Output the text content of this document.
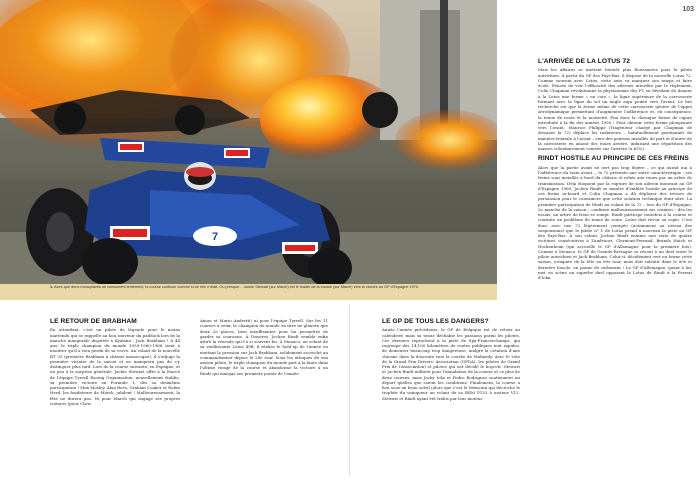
7
1. Alors que deux monoplaces se consument lentement, la course continue comme si de rien n'était. Ou presque... Jackie Stewart (sur March) est le leader de la course (sur March) vers la victoire au GP d'Espagne 1970.
103
L'ARRIVÉE DE LA LOTUS 72

Mais les affaires se mettent bientôt plus florissantes pour le pilote autrichien. À partir du GP des Pays-Bas, il dispose de la nouvelle Lotus 72. Comme souvent avec Lotus, cette auto va marquer son temps et faire école. Pensée de voir l'efficacité des ailerons interdite par le règlement, Colin Chapman révolutionne la physionomie des F1 en décidant de donner à la Lotus une forme « en coin », la ligne supérieure de la carrosserie formant avec la ligne du sol un angle aigu pointé vers l'avant. Le but recherché est que la forme même de cette carrosserie génère de l'appui aérodynamique permettant d'augmenter l'adhérence et, en conséquence, la tenue de route et la motricité. Fini donc la classique forme de cigare introduite à la fin des années 1950 ! Pour obtenir cette forme plongeante vers l'avant, Maurice Philippe (l'ingénieur chargé par Chapman de dessiner la 72) déplace les radiateurs – habituellement positionnés de manière frontale à l'avant – vers des pontons installés de part et d'autre de la carrosserie en amont des roues arrière, induisant une répartition des masses volontairement centrée sur l'arrière (à 65%).

RINDT HOSTILE AU PRINCIPE DE CES FREINS

Alors que la partie avant ne sert pas trop légère – ce qui aurait nui à l'adhérence du train avant –, la 72 présente une autre caractéristique : ses freins sont installés à bord du châssis et reliés aux roues par un arbre de transmission. Déjà éloquent par la rupture de son aileron mouvant au GP d'Espagne 1969, Jochen Rindt se montre d'emblée hostile au principe de ces freins in-board et Colin Chapman a dû déployer des trésors de persuasion pour le convaincre que cette solution technique était sûre. La première participation de Rindt au volant de la 72 – lors du GP d'Espagne, 2e manche de la saison – confirme malheureusement ses craintes : dès les essais, un arbre de frein se rompt. Rindt participe toutefois à la course et constate un problème de tenue de route. Lotus doit revoir sa copie. C'est donc avec une 72 légèrement corrigée (notamment au niveau des suspensions) que le pilote n° 1 de Lotus prend à nouveau la piste au GP des Pays-Bas. À son volant, Jochen Rindt entame une série de quatre victoires consécutives à Zandvoort, Clermont-Ferrand, Brands Hatch et Hockenheim (qui accueille le GP d'Allemagne pour la première fois). Comme à Monaco, le GP de Grande-Bretagne se résout à un duel entre le pilote autrichien et Jack Brabham. Celui-ci, décidément vert en forme cette saison, s'empare de la tête au 69e tour, mais doit ralentir dans le 80e et dernière boucle, en panne de carburant ! Le GP d'Allemagne, quant à lui, met en scène un superbe duel opposant la Lotus de Rindt à la Ferrari d'Ickx.

LE RETOUR DE BRABHAM

En attendant, c'est un pilote de légende pour le moins inattendu qui se rappelle au bon souvenir du paddock lors de la manche inaugurale disputée à Kyalami : Jack Brabham ! À 44 ans, le triple champion du monde 1959-1960-1966 tient à montrer qu'il a rien perdu de sa verve. Au volant de la nouvelle BT 33 (première Brabham à châssis monocoque), il s'adjuge la première victoire de la saison et ne manquera pas de s'y distinguer plus tard. Lors de la course suivante, en Espagne, et un peu à la surprise générale, Jackie Stewart offre à la March de l'équipe Tyrrell Racing Organisation, nouvellement établie, sa première victoire en Formule 1, dès sa deuxième participation ! Max Mosley, Alan Rees, Graham Coaker et Robin Herd, les fondateurs de March, jubilent ! Malheureusement, la fête ne durera pas. Ni pour March qui engage ses propres voitures (pour Chris

Amon et Mario Andretti) ni pour l'équipe Tyrrell. Sur les 11 courses à venir, le champion du monde en titre ne glanera que deux 2e places, bien insuffisantes pour lui permettre de garder sa couronne. À l'inverse, Jochen Rindt semble enfin attiré la réussite qui l'a si souvent fui. À Monaco, au volant de sa vieillissante Lotus 49B, il réalise le hold-up de l'année en mettant la pression sur Jack Brabham, solidement accroché au commandement depuis le 28e tour. Sous les attaques de son ancien pilote, le triple champion du monde part à la faute dans l'ultime virage de la course et abandonne la victoire à un Rindt qui marque ses premiers points de l'année.

LE GP DE TOUS LES DANGERS?

Année l'année précédente, le GP de Belgique est de retour au calendrier, mais sa tenue déchaîne les passions parmi les pilotes. Ces derniers reprochent à la piste de Spa-Francorchamps, qui regroupe des 14,100 kilomètres de routes publiques tout rapides, de demeurer beaucoup trop dangereuse, malgré la création d'une chicane dans la descente vers la courbe de Malmedy. Avec le vote de la Grand Prix Drivers' Association (GPDA), les pilotes de Grand Prix de l'Association) et pilotes qui ont décidé le boycott. Stewart et Jochen Rindt militent pour l'annulation de la course et ce plus de deux courses, mais Jacky Ickx et Pedro Rodriguez soutiennent un départ quelles que soient les conditions. Finalement, la course a lieu sous un beau soleil (alors que c'est le Mexicain qui décroche le trophée du vainqueur au volant de sa BRM P153 à moteur V12. Stewart et Rindt ayant été trahis par leur moteur.
